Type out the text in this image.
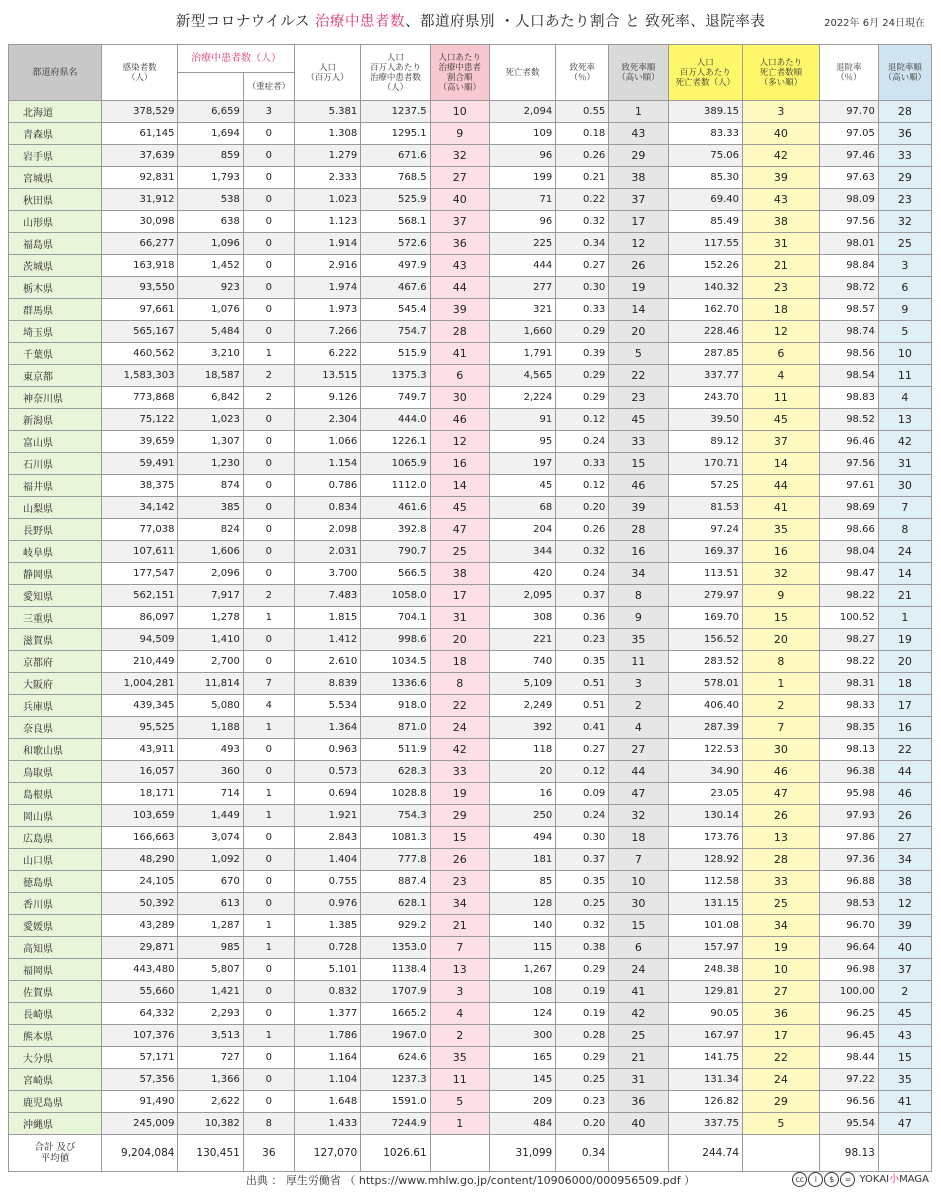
新型コロナウイルス 治療中患者数、都道府県別 ・人口あたり割合 と 致死率、退院率表	2022年 6月 24日現在
都道府県名	感染者数
（人）	治療中患者数（人）		人口
（百万人）	人口
百万人あたり
治療中患者数
（人）	人口あたり
治療中患者
割合順
（高い順）	死亡者数	致死率
（％）	致死率順
（高い順）	人口
百万人あたり
死亡者数（人）	人口あたり
死亡者数順
（多い順）	退院率
（％）	退院率順
（高い順）
			（重症者）										
北海道	378,529	6,659	3	5.381	1237.5	10	2,094	0.55	1	389.15	3	97.70	28
青森県	61,145	1,694	0	1.308	1295.1	9	109	0.18	43	83.33	40	97.05	36
岩手県	37,639	859	0	1.279	671.6	32	96	0.26	29	75.06	42	97.46	33
宮城県	92,831	1,793	0	2.333	768.5	27	199	0.21	38	85.30	39	97.63	29
秋田県	31,912	538	0	1.023	525.9	40	71	0.22	37	69.40	43	98.09	23
山形県	30,098	638	0	1.123	568.1	37	96	0.32	17	85.49	38	97.56	32
福島県	66,277	1,096	0	1.914	572.6	36	225	0.34	12	117.55	31	98.01	25
茨城県	163,918	1,452	0	2.916	497.9	43	444	0.27	26	152.26	21	98.84	3
栃木県	93,550	923	0	1.974	467.6	44	277	0.30	19	140.32	23	98.72	6
群馬県	97,661	1,076	0	1.973	545.4	39	321	0.33	14	162.70	18	98.57	9
埼玉県	565,167	5,484	0	7.266	754.7	28	1,660	0.29	20	228.46	12	98.74	5
千葉県	460,562	3,210	1	6.222	515.9	41	1,791	0.39	5	287.85	6	98.56	10
東京都	1,583,303	18,587	2	13.515	1375.3	6	4,565	0.29	22	337.77	4	98.54	11
神奈川県	773,868	6,842	2	9.126	749.7	30	2,224	0.29	23	243.70	11	98.83	4
新潟県	75,122	1,023	0	2.304	444.0	46	91	0.12	45	39.50	45	98.52	13
富山県	39,659	1,307	0	1.066	1226.1	12	95	0.24	33	89.12	37	96.46	42
石川県	59,491	1,230	0	1.154	1065.9	16	197	0.33	15	170.71	14	97.56	31
福井県	38,375	874	0	0.786	1112.0	14	45	0.12	46	57.25	44	97.61	30
山梨県	34,142	385	0	0.834	461.6	45	68	0.20	39	81.53	41	98.69	7
長野県	77,038	824	0	2.098	392.8	47	204	0.26	28	97.24	35	98.66	8
岐阜県	107,611	1,606	0	2.031	790.7	25	344	0.32	16	169.37	16	98.04	24
静岡県	177,547	2,096	0	3.700	566.5	38	420	0.24	34	113.51	32	98.47	14
愛知県	562,151	7,917	2	7.483	1058.0	17	2,095	0.37	8	279.97	9	98.22	21
三重県	86,097	1,278	1	1.815	704.1	31	308	0.36	9	169.70	15	100.52	1
滋賀県	94,509	1,410	0	1.412	998.6	20	221	0.23	35	156.52	20	98.27	19
京都府	210,449	2,700	0	2.610	1034.5	18	740	0.35	11	283.52	8	98.22	20
大阪府	1,004,281	11,814	7	8.839	1336.6	8	5,109	0.51	3	578.01	1	98.31	18
兵庫県	439,345	5,080	4	5.534	918.0	22	2,249	0.51	2	406.40	2	98.33	17
奈良県	95,525	1,188	1	1.364	871.0	24	392	0.41	4	287.39	7	98.35	16
和歌山県	43,911	493	0	0.963	511.9	42	118	0.27	27	122.53	30	98.13	22
鳥取県	16,057	360	0	0.573	628.3	33	20	0.12	44	34.90	46	96.38	44
島根県	18,171	714	1	0.694	1028.8	19	16	0.09	47	23.05	47	95.98	46
岡山県	103,659	1,449	1	1.921	754.3	29	250	0.24	32	130.14	26	97.93	26
広島県	166,663	3,074	0	2.843	1081.3	15	494	0.30	18	173.76	13	97.86	27
山口県	48,290	1,092	0	1.404	777.8	26	181	0.37	7	128.92	28	97.36	34
徳島県	24,105	670	0	0.755	887.4	23	85	0.35	10	112.58	33	96.88	38
香川県	50,392	613	0	0.976	628.1	34	128	0.25	30	131.15	25	98.53	12
愛媛県	43,289	1,287	1	1.385	929.2	21	140	0.32	15	101.08	34	96.70	39
高知県	29,871	985	1	0.728	1353.0	7	115	0.38	6	157.97	19	96.64	40
福岡県	443,480	5,807	0	5.101	1138.4	13	1,267	0.29	24	248.38	10	96.98	37
佐賀県	55,660	1,421	0	0.832	1707.9	3	108	0.19	41	129.81	27	100.00	2
長崎県	64,332	2,293	0	1.377	1665.2	4	124	0.19	42	90.05	36	96.25	45
熊本県	107,376	3,513	1	1.786	1967.0	2	300	0.28	25	167.97	17	96.45	43
大分県	57,171	727	0	1.164	624.6	35	165	0.29	21	141.75	22	98.44	15
宮崎県	57,356	1,366	0	1.104	1237.3	11	145	0.25	31	131.34	24	97.22	35
鹿児島県	91,490	2,622	0	1.648	1591.0	5	209	0.23	36	126.82	29	96.56	41
沖縄県	245,009	10,382	8	1.433	7244.9	1	484	0.20	40	337.75	5	95.54	47
合計 及び
平均値	9,204,084	130,451	36	127,070	1026.61		31,099	0.34		244.74		98.13	
出典 ： 厚生労働省 （ https://www.mhlw.go.jp/content/10906000/000956509.pdf ）	cc i $ = YOKAI小MAGA
